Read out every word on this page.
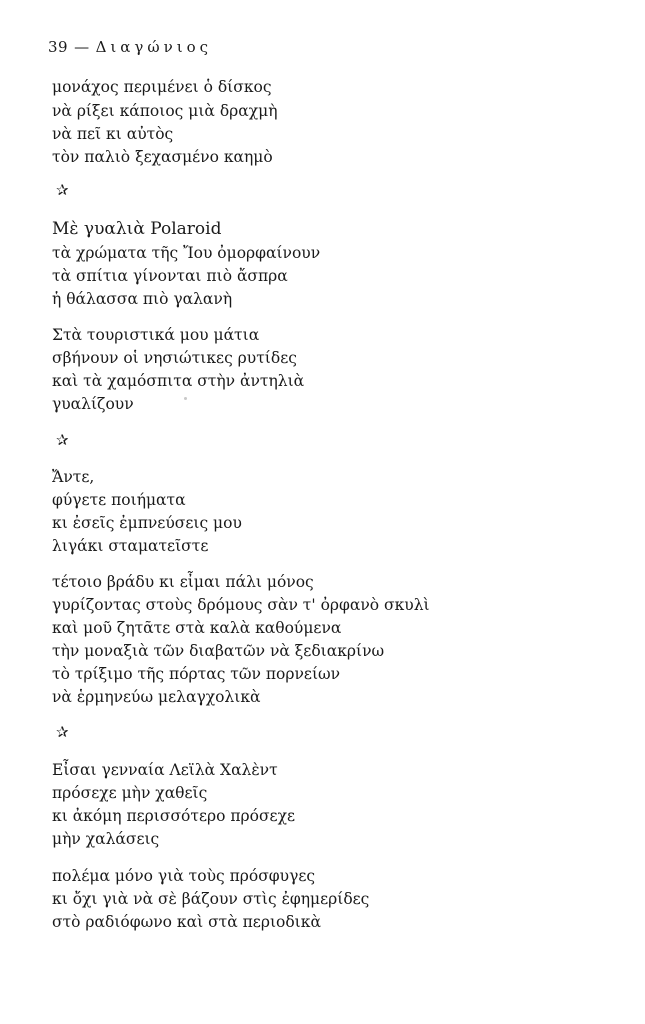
39 — Διαγώνιος
μονάχος περιμένει ὁ δίσκος
νὰ ρίξει κάποιος μιὰ δραχμὴ
νὰ πεῖ κι αὐτὸς
τὸν παλιὸ ξεχασμένο καημὸ
Μὲ γυαλιὰ Polaroid
τὰ χρώματα τῆς Ἴου ὀμορφαίνουν
τὰ σπίτια γίνονται πιὸ ἄσπρα
ἡ θάλασσα πιὸ γαλανὴ
Στὰ τουριστικά μου μάτια
σβήνουν οἱ νησιώτικες ρυτίδες
καὶ τὰ χαμόσπιτα στὴν ἀντηλιὰ
γυαλίζουν
Ἄντε,
φύγετε ποιήματα
κι ἐσεῖς ἐμπνεύσεις μου
λιγάκι σταματεῖστε
τέτοιο βράδυ κι εἶμαι πάλι μόνος
γυρίζοντας στοὺς δρόμους σὰν τ' ὀρφανὸ σκυλὶ
καὶ μοῦ ζητᾶτε στὰ καλὰ καθούμενα
τὴν μοναξιὰ τῶν διαβατῶν νὰ ξεδιακρίνω
τὸ τρίξιμο τῆς πόρτας τῶν πορνείων
νὰ ἑρμηνεύω μελαγχολικὰ
Εἶσαι γενναία Λεϊλὰ Χαλὲντ
πρόσεχε μὴν χαθεῖς
κι ἀκόμη περισσότερο πρόσεχε
μὴν χαλάσεις
πολέμα μόνο γιὰ τοὺς πρόσφυγες
κι ὄχι γιὰ νὰ σὲ βάζουν στὶς ἐφημερίδες
στὸ ραδιόφωνο καὶ στὰ περιοδικὰ
✰
✰
✰
